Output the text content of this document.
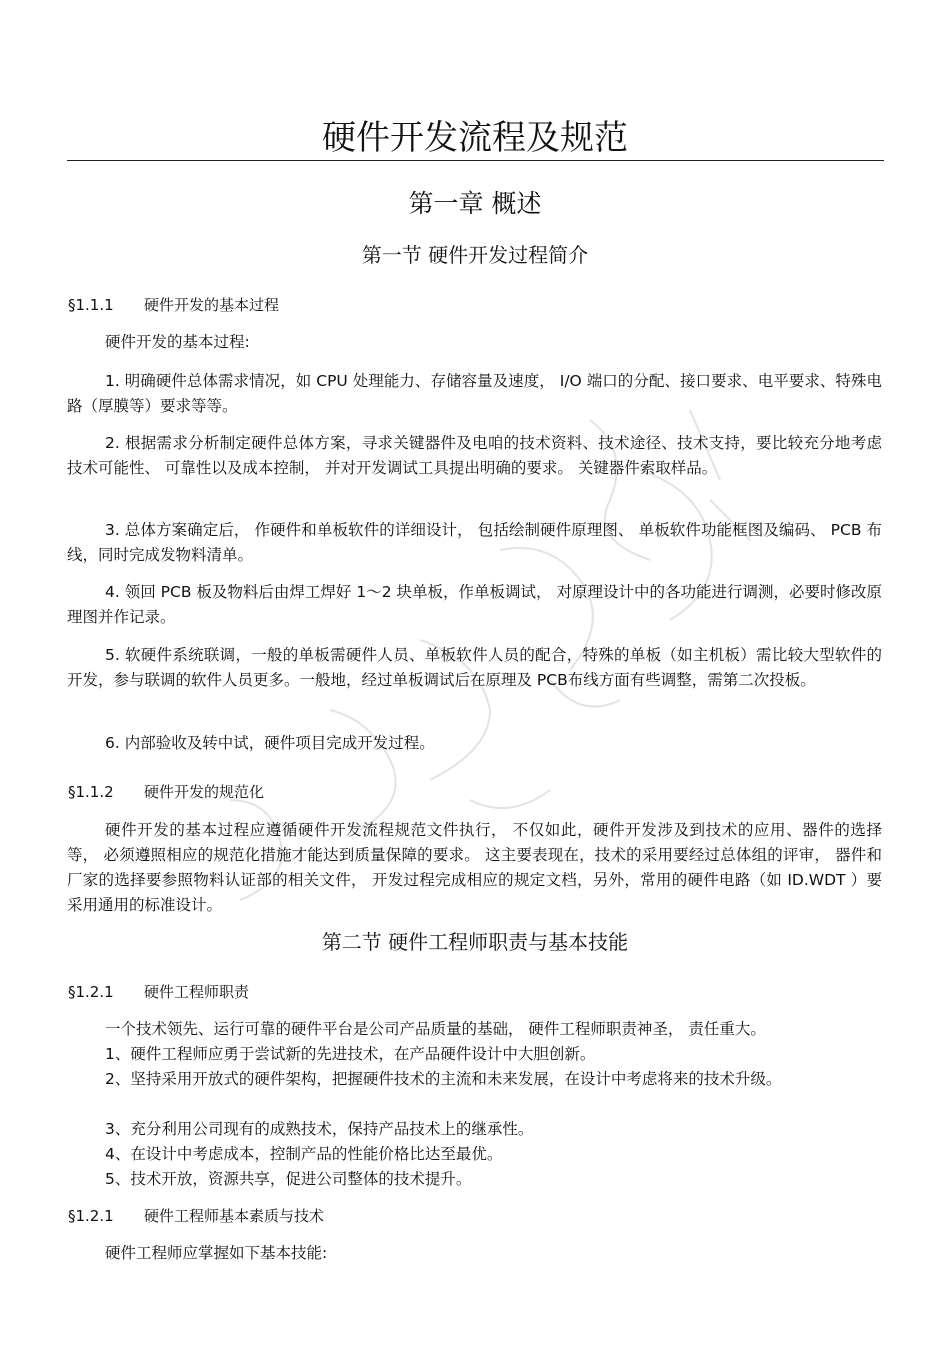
硬件开发流程及规范
第一章 概述
第一节 硬件开发过程简介
§1.1.1 硬件开发的基本过程
硬件开发的基本过程:
1. 明确硬件总体需求情况，如 CPU 处理能力、存储容量及速度， I/O 端口的分配、接口要求、电平要求、特殊电路（厚膜等）要求等等。
2. 根据需求分析制定硬件总体方案，寻求关键器件及电咱的技术资料、技术途径、技术支持，要比较充分地考虑技术可能性、 可靠性以及成本控制， 并对开发调试工具提出明确的要求。 关键器件索取样品。
3. 总体方案确定后， 作硬件和单板软件的详细设计， 包括绘制硬件原理图、 单板软件功能框图及编码、 PCB 布线，同时完成发物料清单。
4. 领回 PCB 板及物料后由焊工焊好 1～2 块单板，作单板调试， 对原理设计中的各功能进行调测，必要时修改原理图并作记录。
5. 软硬件系统联调，一般的单板需硬件人员、单板软件人员的配合，特殊的单板（如主机板）需比较大型软件的开发，参与联调的软件人员更多。一般地，经过单板调试后在原理及 PCB布线方面有些调整，需第二次投板。
6. 内部验收及转中试，硬件项目完成开发过程。
§1.1.2 硬件开发的规范化
硬件开发的基本过程应遵循硬件开发流程规范文件执行， 不仅如此，硬件开发涉及到技术的应用、器件的选择等， 必须遵照相应的规范化措施才能达到质量保障的要求。 这主要表现在，技术的采用要经过总体组的评审， 器件和厂家的选择要参照物料认证部的相关文件， 开发过程完成相应的规定文档，另外，常用的硬件电路（如 ID.WDT ）要采用通用的标准设计。
第二节 硬件工程师职责与基本技能
§1.2.1 硬件工程师职责
一个技术领先、运行可靠的硬件平台是公司产品质量的基础， 硬件工程师职责神圣， 责任重大。
1、硬件工程师应勇于尝试新的先进技术，在产品硬件设计中大胆创新。
2、坚持采用开放式的硬件架构，把握硬件技术的主流和未来发展，在设计中考虑将来的技术升级。
3、充分利用公司现有的成熟技术，保持产品技术上的继承性。
4、在设计中考虑成本，控制产品的性能价格比达至最优。
5、技术开放，资源共享，促进公司整体的技术提升。
§1.2.1 硬件工程师基本素质与技术
硬件工程师应掌握如下基本技能:
